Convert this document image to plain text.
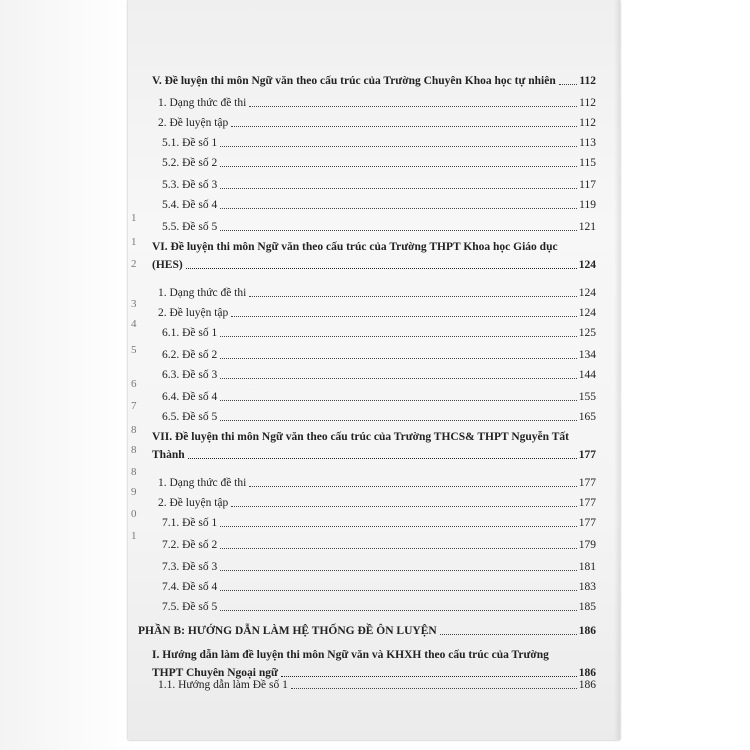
1
1
2
3
4
5
6
7
8
8
8
9
0
1
V. Đề luyện thi môn Ngữ văn theo cấu trúc của Trường Chuyên Khoa học tự nhiên 112
1. Dạng thức đề thi	112
2. Đề luyện tập	112
5.1. Đề số 1	113
5.2. Đề số 2	115
5.3. Đề số 3	117
5.4. Đề số 4	119
5.5. Đề số 5	121
VI. Đề luyện thi môn Ngữ văn theo cấu trúc của Trường THPT Khoa học Giáo dục
(HES)	124
1. Dạng thức đề thi	124
2. Đề luyện tập	124
6.1. Đề số 1	125
6.2. Đề số 2	134
6.3. Đề số 3	144
6.4. Đề số 4	155
6.5. Đề số 5	165
VII. Đề luyện thi môn Ngữ văn theo cấu trúc của Trường THCS& THPT Nguyễn Tất
Thành	177
1. Dạng thức đề thi	177
2. Đề luyện tập	177
7.1. Đề số 1	177
7.2. Đề số 2	179
7.3. Đề số 3	181
7.4. Đề số 4	183
7.5. Đề số 5	185
PHẦN B: HƯỚNG DẪN LÀM HỆ THỐNG ĐỀ ÔN LUYỆN	186
I. Hướng dẫn làm đề luyện thi môn Ngữ văn và KHXH theo cấu trúc của Trường
THPT Chuyên Ngoại ngữ	186
1.1. Hướng dẫn làm Đề số 1	186
